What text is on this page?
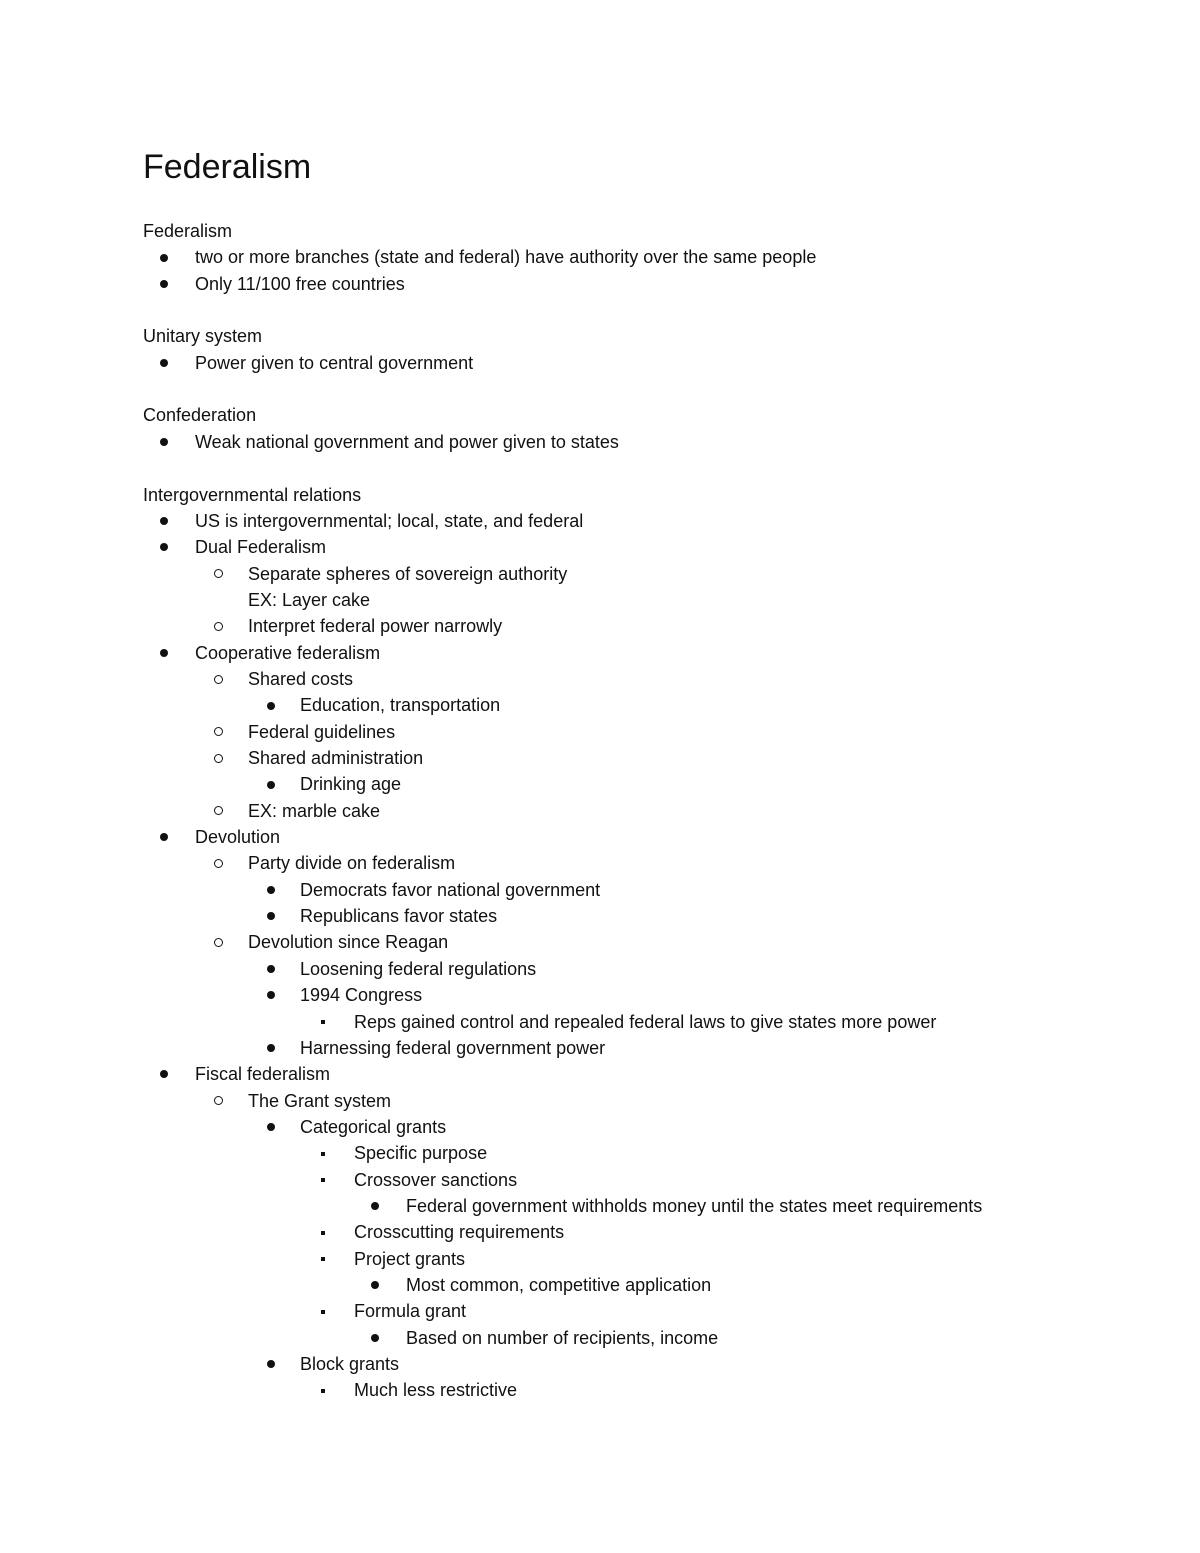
Federalism
Federalism
two or more branches (state and federal) have authority over the same people
Only 11/100 free countries
Unitary system
Power given to central government
Confederation
Weak national government and power given to states
Intergovernmental relations
US is intergovernmental; local, state, and federal
Dual Federalism
Separate spheres of sovereign authority
EX: Layer cake
Interpret federal power narrowly
Cooperative federalism
Shared costs
Education, transportation
Federal guidelines
Shared administration
Drinking age
EX: marble cake
Devolution
Party divide on federalism
Democrats favor national government
Republicans favor states
Devolution since Reagan
Loosening federal regulations
1994 Congress
Reps gained control and repealed federal laws to give states more power
Harnessing federal government power
Fiscal federalism
The Grant system
Categorical grants
Specific purpose
Crossover sanctions
Federal government withholds money until the states meet requirements
Crosscutting requirements
Project grants
Most common, competitive application
Formula grant
Based on number of recipients, income
Block grants
Much less restrictive
